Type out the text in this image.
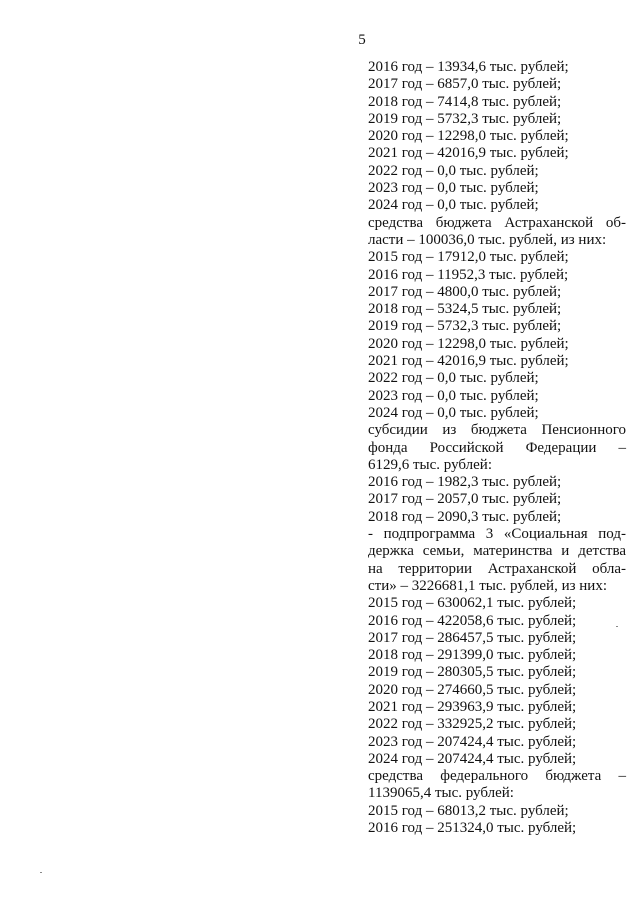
5
2016 год – 13934,6 тыс. рублей;
2017 год – 6857,0 тыс. рублей;
2018 год – 7414,8 тыс. рублей;
2019 год – 5732,3 тыс. рублей;
2020 год – 12298,0 тыс. рублей;
2021 год – 42016,9 тыс. рублей;
2022 год – 0,0 тыс. рублей;
2023 год – 0,0 тыс. рублей;
2024 год – 0,0 тыс. рублей;
средства бюджета Астраханской об-
ласти – 100036,0 тыс. рублей, из них:
2015 год – 17912,0 тыс. рублей;
2016 год – 11952,3 тыс. рублей;
2017 год – 4800,0 тыс. рублей;
2018 год – 5324,5 тыс. рублей;
2019 год – 5732,3 тыс. рублей;
2020 год – 12298,0 тыс. рублей;
2021 год – 42016,9 тыс. рублей;
2022 год – 0,0 тыс. рублей;
2023 год – 0,0 тыс. рублей;
2024 год – 0,0 тыс. рублей;
субсидии из бюджета Пенсионного
фонда Российской Федерации –
6129,6 тыс. рублей:
2016 год – 1982,3 тыс. рублей;
2017 год – 2057,0 тыс. рублей;
2018 год – 2090,3 тыс. рублей;
- подпрограмма 3 «Социальная под-
держка семьи, материнства и детства
на территории Астраханской обла-
сти» – 3226681,1 тыс. рублей, из них:
2015 год – 630062,1 тыс. рублей;
2016 год – 422058,6 тыс. рублей;
2017 год – 286457,5 тыс. рублей;
2018 год – 291399,0 тыс. рублей;
2019 год – 280305,5 тыс. рублей;
2020 год – 274660,5 тыс. рублей;
2021 год – 293963,9 тыс. рублей;
2022 год – 332925,2 тыс. рублей;
2023 год – 207424,4 тыс. рублей;
2024 год – 207424,4 тыс. рублей;
средства федерального бюджета –
1139065,4 тыс. рублей:
2015 год – 68013,2 тыс. рублей;
2016 год – 251324,0 тыс. рублей;
